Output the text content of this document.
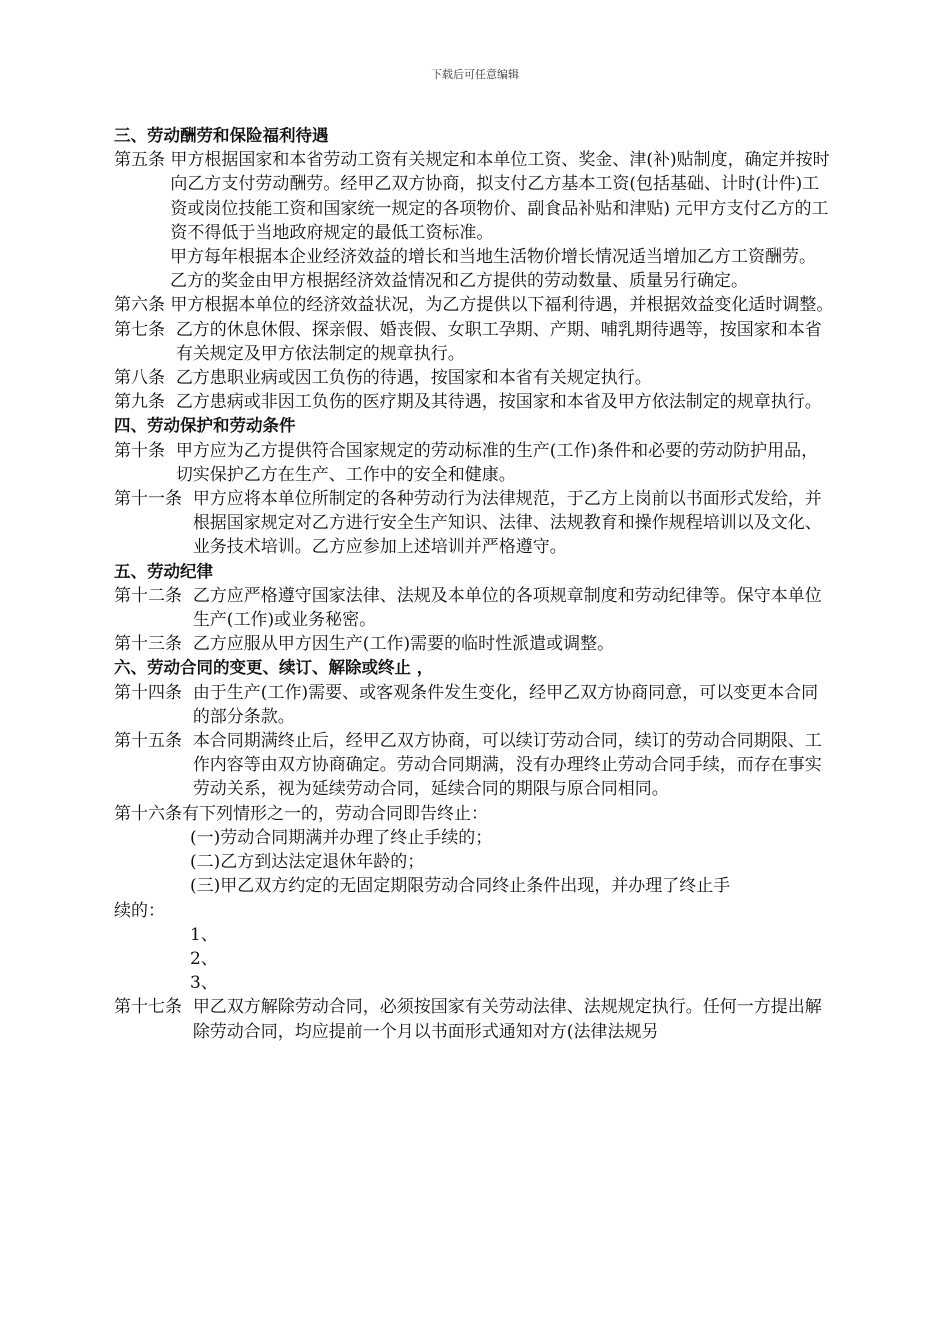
下载后可任意编辑
三、劳动酬劳和保险福利待遇
第五条 甲方根据国家和本省劳动工资有关规定和本单位工资、奖金、津(补)贴制度，确定并按时向乙方支付劳动酬劳。经甲乙双方协商，拟支付乙方基本工资(包括基础、计时(计件)工资或岗位技能工资和国家统一规定的各项物价、副食品补贴和津贴) 元甲方支付乙方的工资不得低于当地政府规定的最低工资标准。
甲方每年根据本企业经济效益的增长和当地生活物价增长情况适当增加乙方工资酬劳。 乙方的奖金由甲方根据经济效益情况和乙方提供的劳动数量、质量另行确定。
第六条 甲方根据本单位的经济效益状况，为乙方提供以下福利待遇，并根据效益变化适时调整。
第七条 乙方的休息休假、探亲假、婚丧假、女职工孕期、产期、哺乳期待遇等，按国家和本省有关规定及甲方依法制定的规章执行。
第八条 乙方患职业病或因工负伤的待遇，按国家和本省有关规定执行。
第九条 乙方患病或非因工负伤的医疗期及其待遇，按国家和本省及甲方依法制定的规章执行。
四、劳动保护和劳动条件
第十条 甲方应为乙方提供符合国家规定的劳动标准的生产(工作)条件和必要的劳动防护用品，切实保护乙方在生产、工作中的安全和健康。
第十一条 甲方应将本单位所制定的各种劳动行为法律规范，于乙方上岗前以书面形式发给，并根据国家规定对乙方进行安全生产知识、法律、法规教育和操作规程培训以及文化、业务技术培训。乙方应参加上述培训并严格遵守。
五、劳动纪律
第十二条 乙方应严格遵守国家法律、法规及本单位的各项规章制度和劳动纪律等。保守本单位生产(工作)或业务秘密。
第十三条 乙方应服从甲方因生产(工作)需要的临时性派遣或调整。
六、劳动合同的变更、续订、解除或终止 ，
第十四条 由于生产(工作)需要、或客观条件发生变化，经甲乙双方协商同意，可以变更本合同的部分条款。
第十五条 本合同期满终止后，经甲乙双方协商，可以续订劳动合同，续订的劳动合同期限、工作内容等由双方协商确定。劳动合同期满，没有办理终止劳动合同手续，而存在事实劳动关系，视为延续劳动合同，延续合同的期限与原合同相同。
第十六条有下列情形之一的，劳动合同即告终止：
(一)劳动合同期满并办理了终止手续的；
(二)乙方到达法定退休年龄的；
(三)甲乙双方约定的无固定期限劳动合同终止条件出现，并办理了终止手
续的：
1、
2、
3、
第十七条 甲乙双方解除劳动合同，必须按国家有关劳动法律、法规规定执行。任何一方提出解除劳动合同，均应提前一个月以书面形式通知对方(法律法规另
